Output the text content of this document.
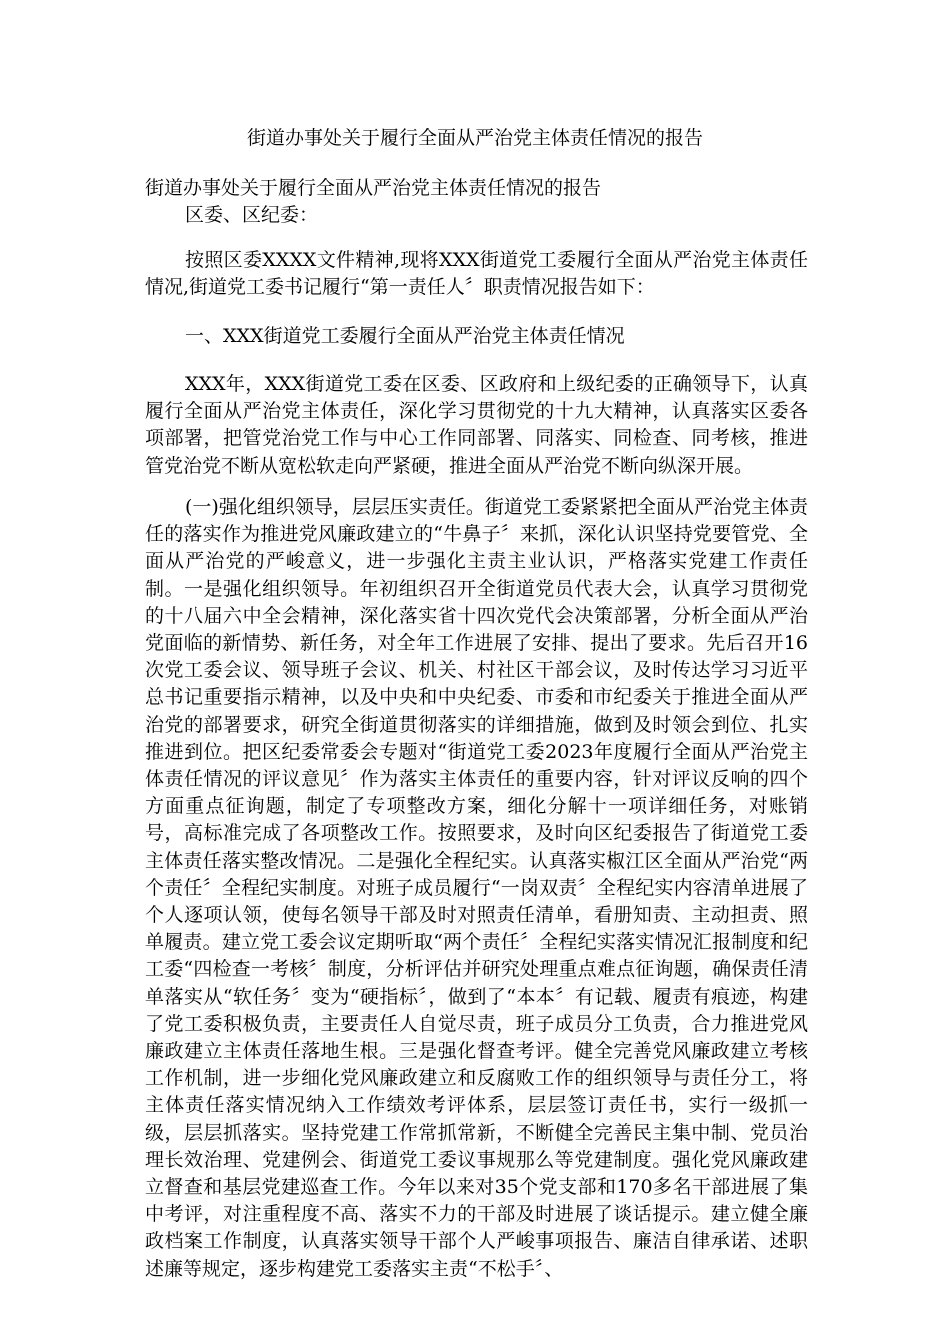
街道办事处关于履行全面从严治党主体责任情况的报告

街道办事处关于履行全面从严治党主体责任情况的报告

区委、区纪委：

按照区委XXXX文件精神,现将XXX街道党工委履行全面从严治党主体责任情况,街道党工委书记履行“第一责任人〞职责情况报告如下：

一、XXX街道党工委履行全面从严治党主体责任情况

XXX年，XXX街道党工委在区委、区政府和上级纪委的正确领导下，认真履行全面从严治党主体责任，深化学习贯彻党的十九大精神，认真落实区委各项部署，把管党治党工作与中心工作同部署、同落实、同检查、同考核，推进管党治党不断从宽松软走向严紧硬，推进全面从严治党不断向纵深开展。

(一)强化组织领导，层层压实责任。街道党工委紧紧把全面从严治党主体责任的落实作为推进党风廉政建立的“牛鼻子〞来抓，深化认识坚持党要管党、全面从严治党的严峻意义，进一步强化主责主业认识，严格落实党建工作责任制。一是强化组织领导。年初组织召开全街道党员代表大会，认真学习贯彻党的十八届六中全会精神，深化落实省十四次党代会决策部署，分析全面从严治党面临的新情势、新任务，对全年工作进展了安排、提出了要求。先后召开16次党工委会议、领导班子会议、机关、村社区干部会议，及时传达学习习近平总书记重要指示精神，以及中央和中央纪委、市委和市纪委关于推进全面从严治党的部署要求，研究全街道贯彻落实的详细措施，做到及时领会到位、扎实推进到位。把区纪委常委会专题对“街道党工委2023年度履行全面从严治党主体责任情况的评议意见〞作为落实主体责任的重要内容，针对评议反响的四个方面重点征询题，制定了专项整改方案，细化分解十一项详细任务，对账销号，高标准完成了各项整改工作。按照要求，及时向区纪委报告了街道党工委主体责任落实整改情况。二是强化全程纪实。认真落实椒江区全面从严治党“两个责任〞全程纪实制度。对班子成员履行“一岗双责〞全程纪实内容清单进展了个人逐项认领，使每名领导干部及时对照责任清单，看册知责、主动担责、照单履责。建立党工委会议定期听取“两个责任〞全程纪实落实情况汇报制度和纪工委“四检查一考核〞制度，分析评估并研究处理重点难点征询题，确保责任清单落实从“软任务〞变为“硬指标〞，做到了“本本〞有记载、履责有痕迹，构建了党工委积极负责，主要责任人自觉尽责，班子成员分工负责，合力推进党风廉政建立主体责任落地生根。三是强化督查考评。健全完善党风廉政建立考核工作机制，进一步细化党风廉政建立和反腐败工作的组织领导与责任分工，将主体责任落实情况纳入工作绩效考评体系，层层签订责任书，实行一级抓一级，层层抓落实。坚持党建工作常抓常新，不断健全完善民主集中制、党员治理长效治理、党建例会、街道党工委议事规那么等党建制度。强化党风廉政建立督查和基层党建巡查工作。今年以来对35个党支部和170多名干部进展了集中考评，对注重程度不高、落实不力的干部及时进展了谈话提示。建立健全廉政档案工作制度，认真落实领导干部个人严峻事项报告、廉洁自律承诺、述职述廉等规定，逐步构建党工委落实主责“不松手〞、
